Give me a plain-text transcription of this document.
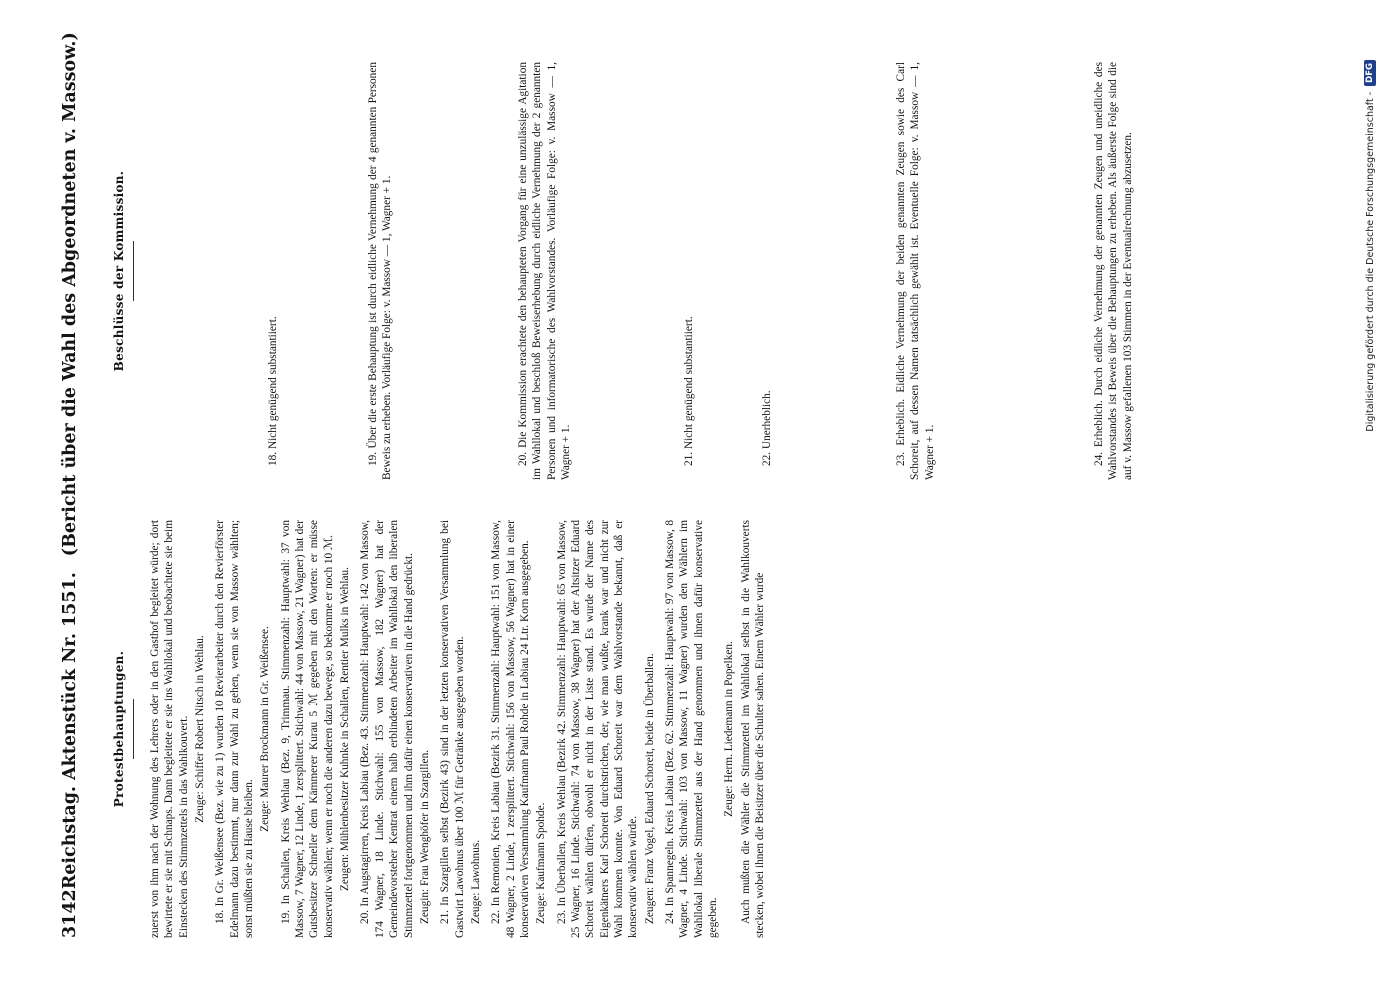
3142
Reichstag.
Aktenstück Nr. 1551.
(Bericht über die Wahl des Abgeordneten v. Massow.)
Protestbehauptungen. zuerst von ihm nach der Wohnung des Lehrers oder in den Gasthof begleitet würde; dort bewirtete er sie mit Schnaps. Dann begleitete er sie ins Wahllokal und beobachtete sie beim Einstecken des Stimmzettels in das Wahlkouvert. Zeuge: Schiffer Robert Nitsch in Wehlau. 18. In Gr. Weißensee (Bez. wie zu 1) wurden 10 Revierarbeiter durch den Revierförster Edelmann dazu bestimmt, nur dann zur Wahl zu gehen, wenn sie von Massow wählten; sonst müßten sie zu Hause bleiben.

Zeuge: Maurer Brockmann in Gr. Weißensee. 19. In Schallen, Kreis Wehlau (Bez. 9, Trimmau. Stimmenzahl: Hauptwahl: 37 von Massow, 7 Wagner, 12 Linde, 1 zersplittert. Stichwahl: 44 von Massow, 21 Wagner) hat der Gutsbesitzer Schneller dem Kämmerer Kurau 5 ℳ gegeben mit den Worten: er müsse konservativ wählen; wenn er noch die anderen dazu bewege, so bekomme er noch 10 ℳ. Zeugen: Mühlenbesitzer Kuhnke in Schallen, Rentier Mulks in Wehlau. 20. In Augstagirren, Kreis Labiau (Bez. 43. Stimmenzahl: Hauptwahl: 142 von Massow, 174 Wagner, 18 Linde. Stichwahl: 155 von Massow, 182 Wagner) hat der Gemeindevorsteher Kentrat einem halb erblindeten Arbeiter im Wahllokal den liberalen Stimmzettel fortgenommen und ihm dafür einen konservativen in die Hand gedrückt. Zeugin: Frau Wenghöfer in Szargillen. 21. In Szargillen selbst (Bezirk 43) sind in der letzten konservativen Versammlung bei Gastwirt Lawohnus über 100 ℳ für Getränke ausgegeben worden. Zeuge: Lawohnus. 22. In Remonien, Kreis Labiau (Bezirk 31. Stimmenzahl: Hauptwahl: 151 von Massow, 48 Wagner, 2 Linde, 1 zersplittert. Stichwahl: 156 von Massow, 56 Wagner) hat in einer konservativen Versammlung Kaufmann Paul Rohde in Labiau 24 Ltr. Korn ausgegeben. Zeuge: Kaufmann Spohde. 23. In Überballen, Kreis Wehlau (Bezirk 42. Stimmenzahl: Hauptwahl: 65 von Massow, 25 Wagner, 16 Linde. Stichwahl: 74 von Massow, 38 Wagner) hat der Altsitzer Eduard Schoreit wählen dürfen, obwohl er nicht in der Liste stand. Es wurde der Name des Eigenkätners Karl Schoreit durchstrichen, der, wie man wußte, krank war und nicht zur Wahl kommen konnte. Von Eduard Schoreit war dem Wahlvorstande bekannt, daß er konservativ wählen würde. Zeugen: Franz Vogel, Eduard Schoreit, beide in Überballen. 24. In Spannegeln. Kreis Labiau (Bez. 62. Stimmenzahl: Hauptwahl: 97 von Massow, 8 Wagner, 4 Linde. Stichwahl: 103 von Massow, 11 Wagner) wurden den Wählern im Wahllokal liberale Stimmzettel aus der Hand genommen und ihnen dafür konservative gegeben.

Zeuge: Herm. Liedemann in Popelken. Auch mußten die Wähler die Stimmzettel im Wahllokal selbst in die Wahlkouverts stecken, wobei ihnen die Beisitzer über die Schulter sahen. Einem Wähler wurde

Beschlüsse der Kommission.

18. Nicht genügend substantiiert.	19. Über die erste Behauptung ist durch eidliche Vernehmung der 4 genannten Personen Beweis zu erheben. Vorläufige Folge: v. Massow — 1, Wagner + 1.	20. Die Kommission erachtete den behaupteten Vorgang für eine unzulässige Agitation im Wahllokal und beschloß Beweiserhebung durch eidliche Vernehmung der 2 genannten Personen und informatorische des Wahlvorstandes. Vorläufige Folge: v. Massow — 1, Wagner + 1.	21. Nicht genügend substantiiert.	22. Unerheblich.	23. Erheblich. Eidliche Vernehmung der beiden genannten Zeugen sowie des Carl Schoreit, auf dessen Namen tatsächlich gewählt ist. Eventuelle Folge: v. Massow — 1, Wagner + 1.	24. Erheblich. Durch eidliche Vernehmung der genannten Zeugen und uneidliche des Wahlvorstandes ist Beweis über die Behauptungen zu erheben. Als äußerste Folge sind die auf v. Massow gefallenen 103 Stimmen in der Eventualrechnung abzusetzen.	Digitalisierung gefördert durch die Deutsche Forschungsgemeinschaft -
DFG
